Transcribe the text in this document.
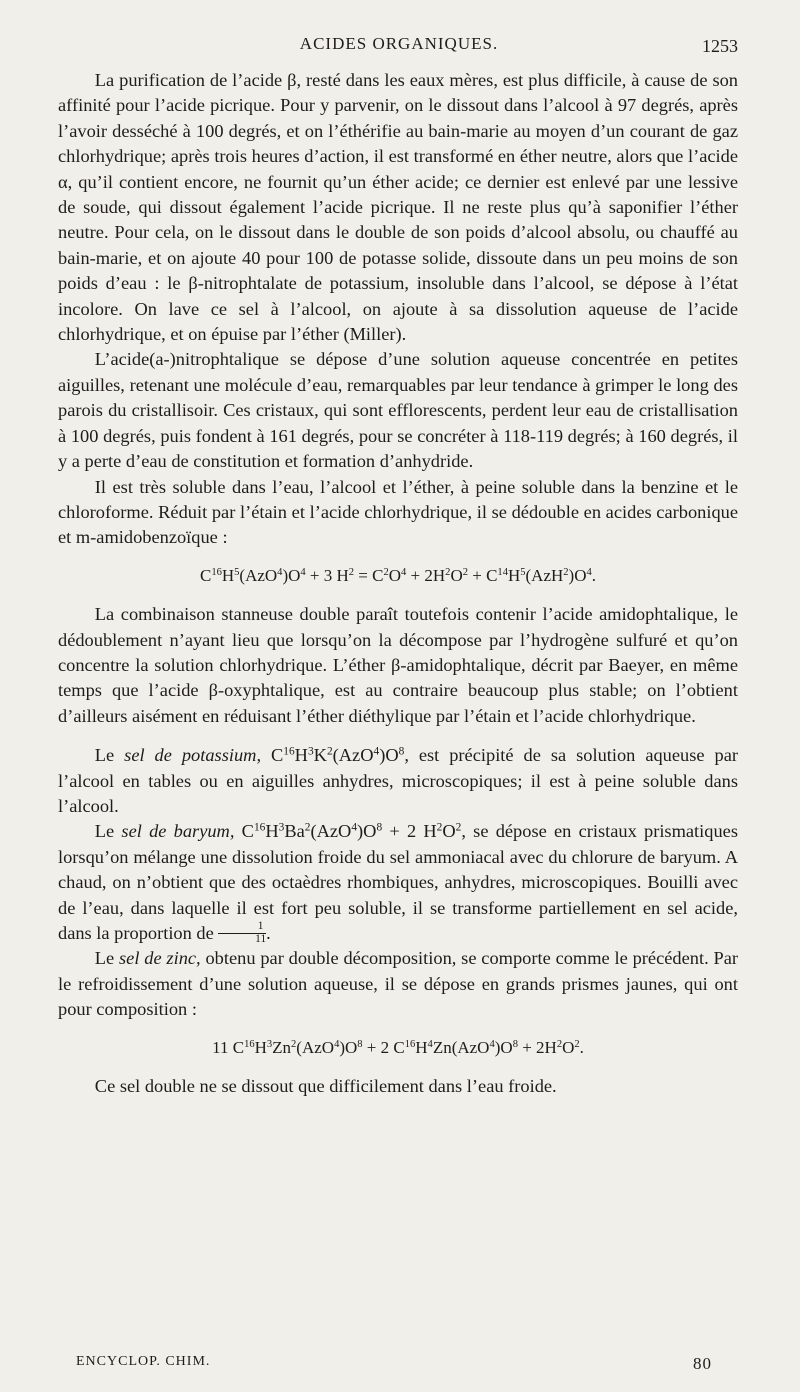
ACIDES ORGANIQUES.	1253

La purification de l’acide β, resté dans les eaux mères, est plus difficile, à cause de son affinité pour l’acide picrique. Pour y parvenir, on le dissout dans l’alcool à 97 degrés, après l’avoir desséché à 100 degrés, et on l’éthérifie au bain-marie au moyen d’un courant de gaz chlorhydrique; après trois heures d’action, il est transformé en éther neutre, alors que l’acide α, qu’il contient encore, ne fournit qu’un éther acide; ce dernier est enlevé par une lessive de soude, qui dissout également l’acide picrique. Il ne reste plus qu’à saponifier l’éther neutre. Pour cela, on le dissout dans le double de son poids d’alcool absolu, ou chauffé au bain-marie, et on ajoute 40 pour 100 de potasse solide, dissoute dans un peu moins de son poids d’eau : le β-nitrophtalate de potassium, insoluble dans l’alcool, se dépose à l’état incolore. On lave ce sel à l’alcool, on ajoute à sa dissolution aqueuse de l’acide chlorhydrique, et on épuise par l’éther (Miller).

L’acide(a-)nitrophtalique se dépose d’une solution aqueuse concentrée en petites aiguilles, retenant une molécule d’eau, remarquables par leur tendance à grimper le long des parois du cristallisoir. Ces cristaux, qui sont efflorescents, perdent leur eau de cristallisation à 100 degrés, puis fondent à 161 degrés, pour se concréter à 118-119 degrés; à 160 degrés, il y a perte d’eau de constitution et formation d’anhydride.

Il est très soluble dans l’eau, l’alcool et l’éther, à peine soluble dans la benzine et le chloroforme. Réduit par l’étain et l’acide chlorhydrique, il se dédouble en acides carbonique et m-amidobenzoïque :

$C^{16}H^5(AzO^4)O^4 + 3$ $H^2 = C^2O^4 + 2H^2O^2 + C^{14}H^5(AzH^2)O^4$.

La combinaison stanneuse double paraît toutefois contenir l’acide amidophtalique, le dédoublement n’ayant lieu que lorsqu’on la décompose par l’hydrogène sulfuré et qu’on concentre la solution chlorhydrique. L’éther β-amidophtalique, décrit par Baeyer, en même temps que l’acide β-oxyphtalique, est au contraire beaucoup plus stable; on l’obtient d’ailleurs aisément en réduisant l’éther diéthylique par l’étain et l’acide chlorhydrique.

Le sel de potassium, $C^{16}H^3K^2(AzO^4)O^8$, est précipité de sa solution aqueuse par l’alcool en tables ou en aiguilles anhydres, microscopiques; il est à peine soluble dans l’alcool.

Le sel de baryum, $C^{16}H^3Ba^2(AzO^4)O^8 + 2$ $H^2O^2$, se dépose en cristaux prismatiques lorsqu’on mélange une dissolution froide du sel ammoniacal avec du chlorure de baryum. A chaud, on n’obtient que des octaèdres rhombiques, anhydres, microscopiques. Bouilli avec de l’eau, dans laquelle il est fort peu soluble, il se transforme partiellement en sel acide, dans la proportion de $\frac{1}{11}$ .

Le sel de zinc, obtenu par double décomposition, se comporte comme le précédent. Par le refroidissement d’une solution aqueuse, il se dépose en grands prismes jaunes, qui ont pour composition :

11 $C^{16}H^3Zn^2(AzO^4)O^8 + 2$ $C^{16}H^4Zn(AzO^4)O^8 + 2H^2O^2$.

Ce sel double ne se dissout que difficilement dans l’eau froide.

ENCYCLOP. CHIM.	80
